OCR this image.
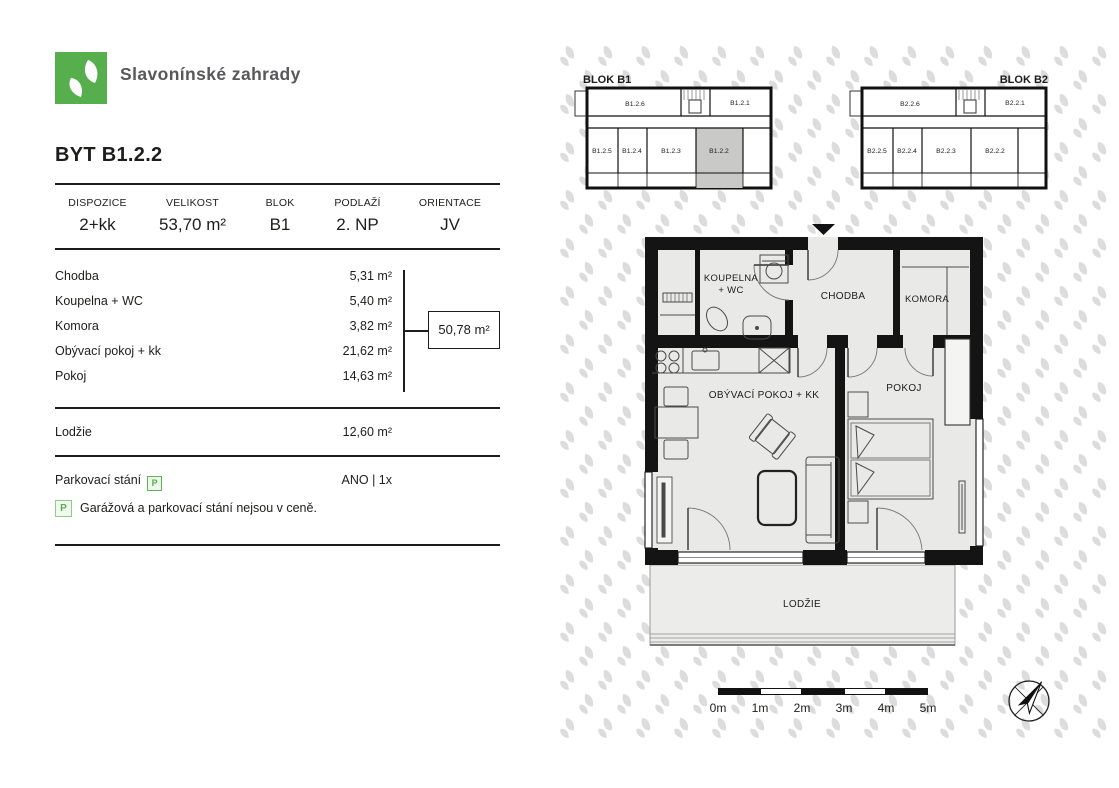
Slavonínské zahrady
BYT B1.2.2
DISPOZICE
2+kk
VELIKOST
53,70 m²
BLOK
B1
PODLAŽÍ
2. NP
ORIENTACE
JV
Chodba	5,31 m²
Koupelna + WC	5,40 m²
Komora	3,82 m²
Obývací pokoj + kk	21,62 m²
Pokoj	14,63 m²
50,78 m²
Lodžie	12,60 m²
Parkovací stání P	ANO | 1x
P	Garážová a parkovací stání nejsou v ceně.
BLOK B1
B1.2.6	B1.2.1
B1.2.5 B1.2.4	B1.2.3	B1.2.2
BLOK B2
B2.2.6	B2.2.1
B2.2.5 B2.2.4	B2.2.3	B2.2.2
KOUPELNA
+ WC
CHODBA	KOMORA
OBÝVACÍ POKOJ + KK
POKOJ
LODŽIE
0m	1m	2m	3m	4m	5m
